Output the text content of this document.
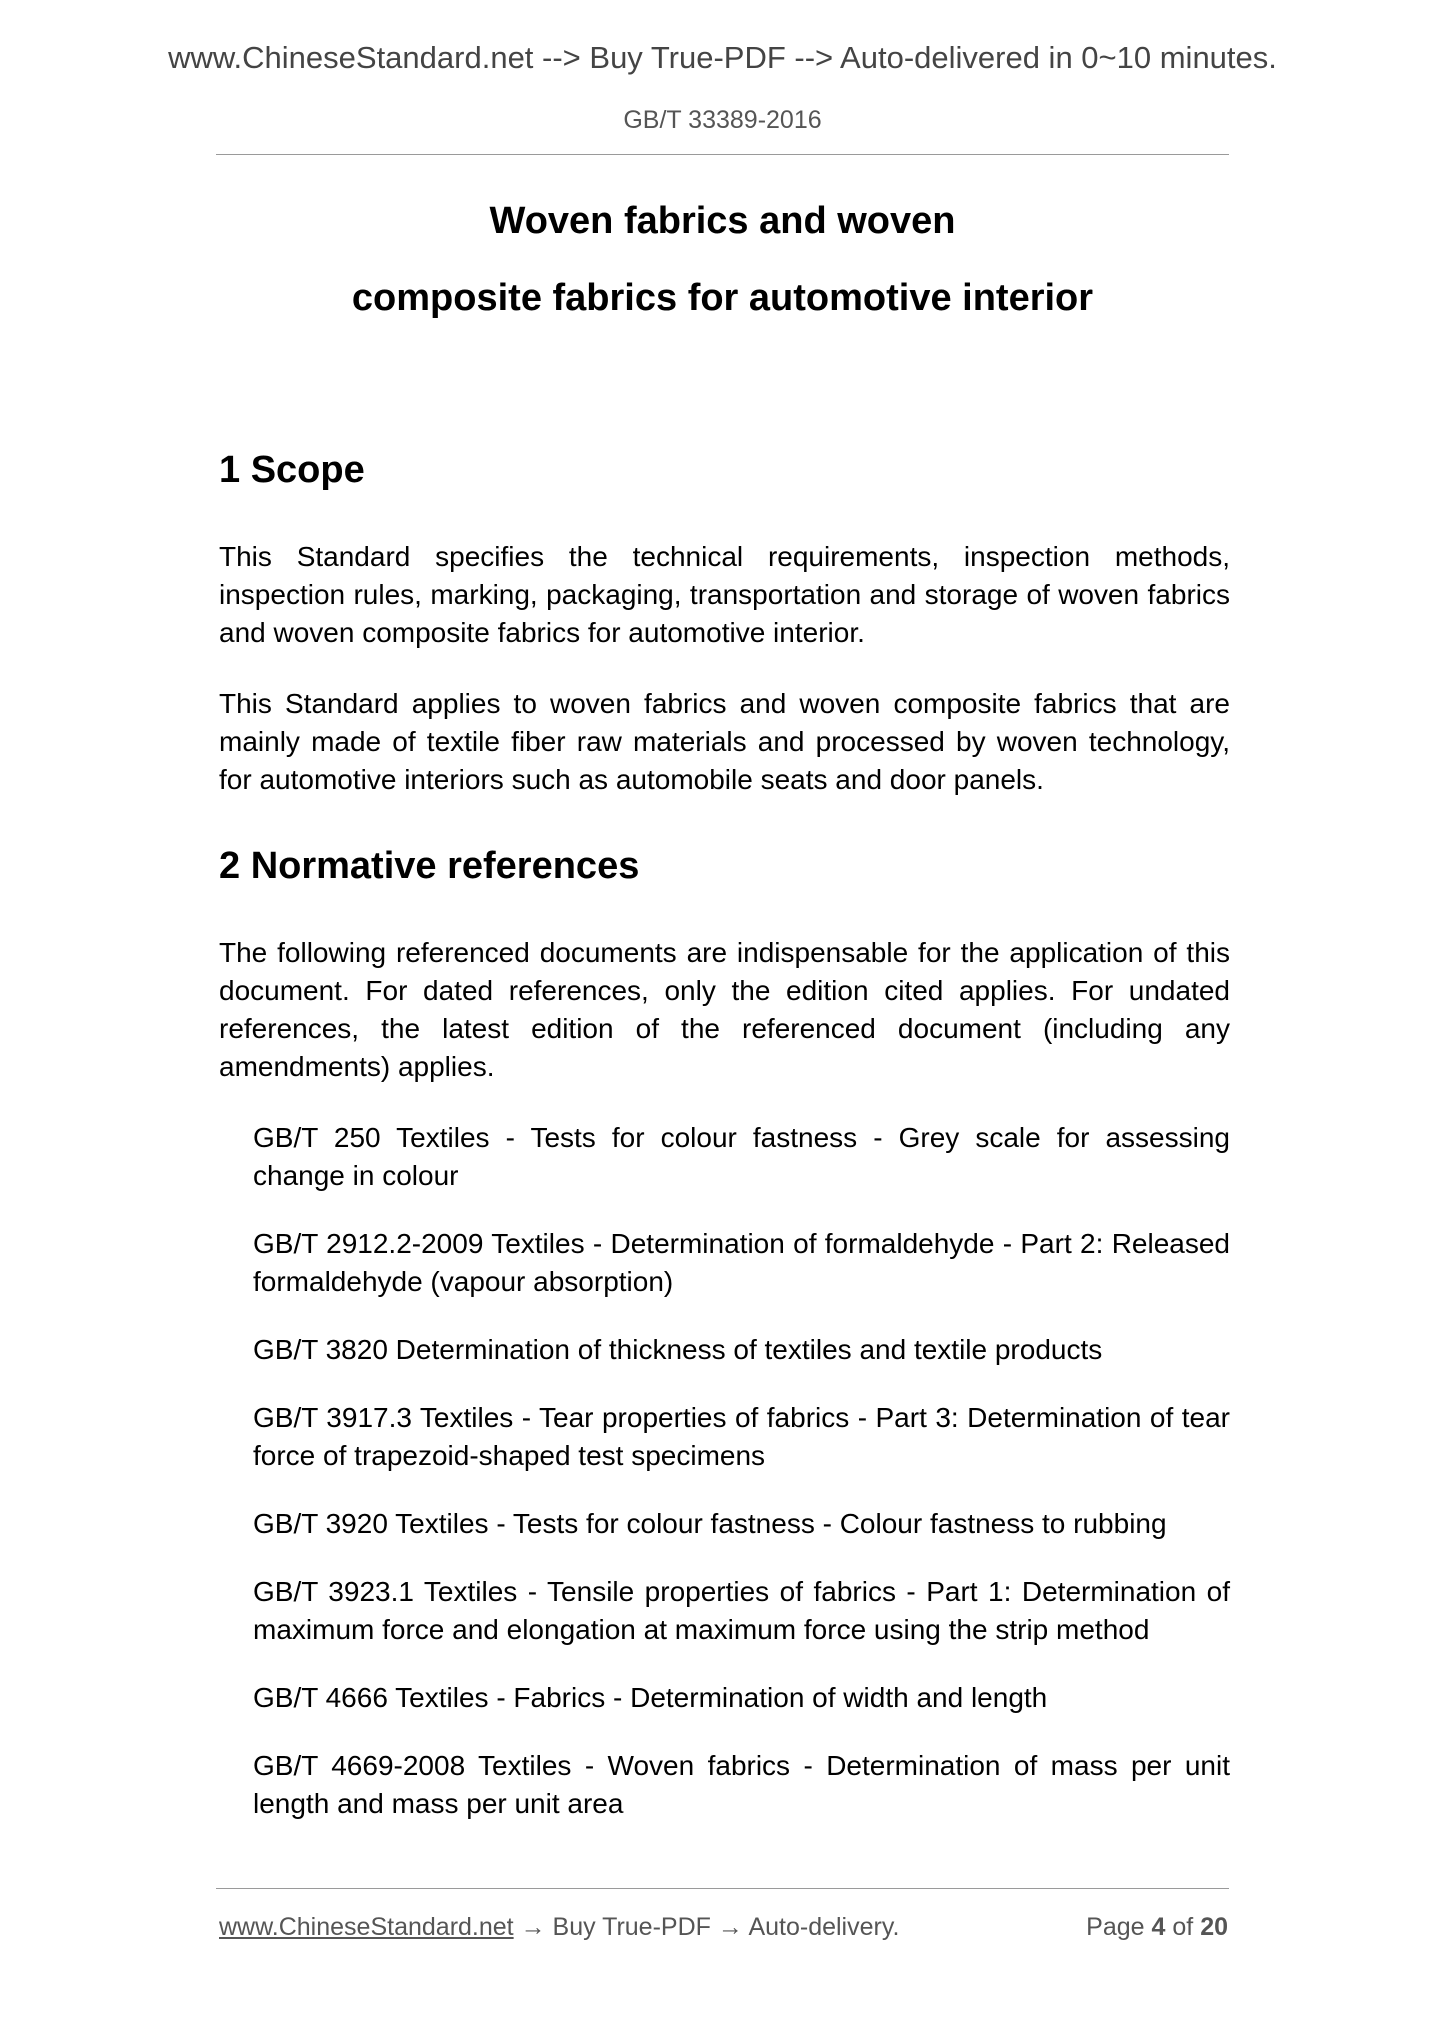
www.ChineseStandard.net --> Buy True-PDF --> Auto-delivered in 0~10 minutes.
GB/T 33389-2016
Woven fabrics and woven
composite fabrics for automotive interior
1 Scope
This Standard specifies the technical requirements, inspection methods, inspection rules, marking, packaging, transportation and storage of woven fabrics and woven composite fabrics for automotive interior.
This Standard applies to woven fabrics and woven composite fabrics that are mainly made of textile fiber raw materials and processed by woven technology, for automotive interiors such as automobile seats and door panels.
2 Normative references
The following referenced documents are indispensable for the application of this document. For dated references, only the edition cited applies. For undated references, the latest edition of the referenced document (including any amendments) applies.
GB/T 250 Textiles - Tests for colour fastness - Grey scale for assessing change in colour
GB/T 2912.2-2009 Textiles - Determination of formaldehyde - Part 2: Released formaldehyde (vapour absorption)
GB/T 3820 Determination of thickness of textiles and textile products
GB/T 3917.3 Textiles - Tear properties of fabrics - Part 3: Determination of tear force of trapezoid-shaped test specimens
GB/T 3920 Textiles - Tests for colour fastness - Colour fastness to rubbing
GB/T 3923.1 Textiles - Tensile properties of fabrics - Part 1: Determination of maximum force and elongation at maximum force using the strip method
GB/T 4666 Textiles - Fabrics - Determination of width and length
GB/T 4669-2008 Textiles - Woven fabrics - Determination of mass per unit length and mass per unit area
www.ChineseStandard.net → Buy True-PDF → Auto-delivery.	Page 4 of 20
